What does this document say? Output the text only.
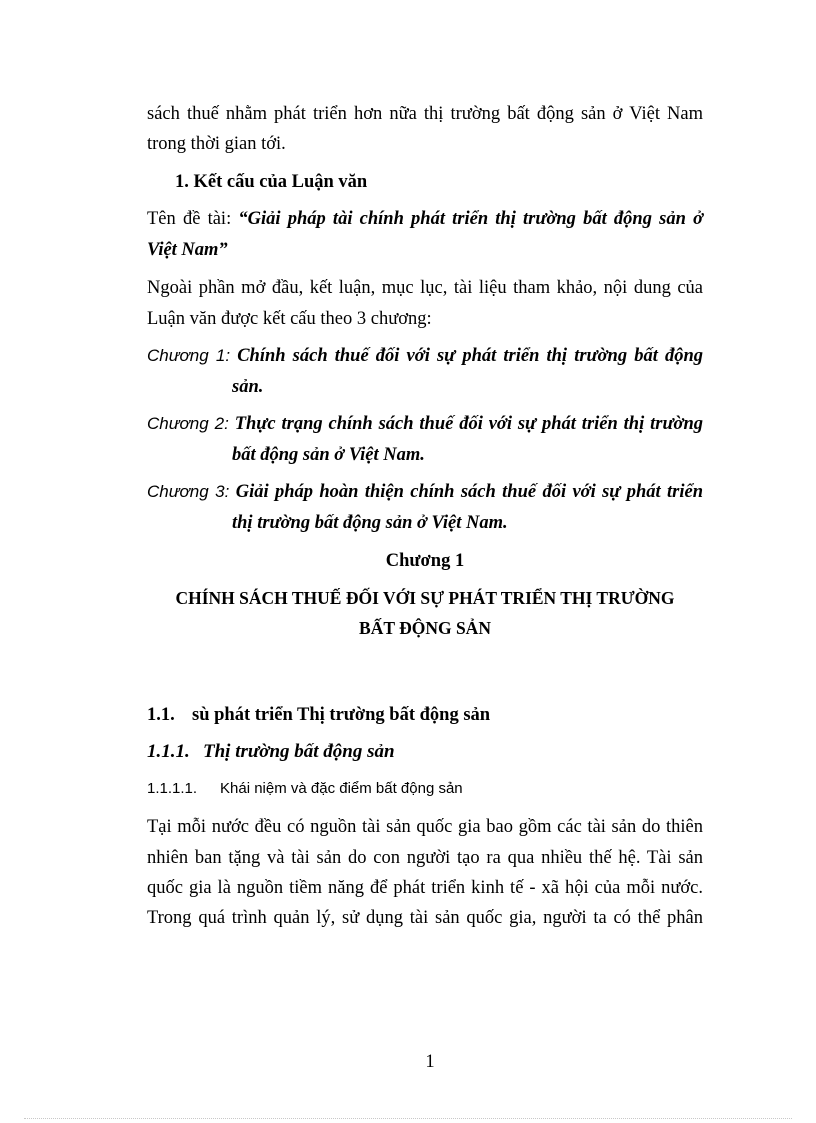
sách thuế nhằm phát triển hơn nữa thị trường bất động sản ở Việt Nam
trong thời gian tới.
1. Kết cấu của Luận văn
Tên đề tài: “Giải pháp tài chính phát triển thị trường bất động sản ở
Việt Nam”
Ngoài phần mở đầu, kết luận, mục lục, tài liệu tham khảo, nội dung của
Luận văn được kết cấu theo 3 chương:
Chương 1: Chính sách thuế đối với sự phát triển thị trường bất động
sản.
Chương 2: Thực trạng chính sách thuế đối với sự phát triển thị trường
bất động sản ở Việt Nam.
Chương 3: Giải pháp hoàn thiện chính sách thuế đối với sự phát triển
thị trường bất động sản ở Việt Nam.
Chương 1
CHÍNH SÁCH THUẾ ĐỐI VỚI SỰ PHÁT TRIỂN THỊ TRƯỜNG
BẤT ĐỘNG SẢN
1.1. sù phát triển Thị trường bất động sản
1.1.1. Thị trường bất động sản
1.1.1.1. Khái niệm và đặc điểm bất động sản
Tại mỗi nước đều có nguồn tài sản quốc gia bao gồm các tài sản do thiên
nhiên ban tặng và tài sản do con người tạo ra qua nhiều thế hệ. Tài sản
quốc gia là nguồn tiềm năng để phát triển kinh tế - xã hội của mỗi nước.
Trong quá trình quản lý, sử dụng tài sản quốc gia, người ta có thể phân
1
